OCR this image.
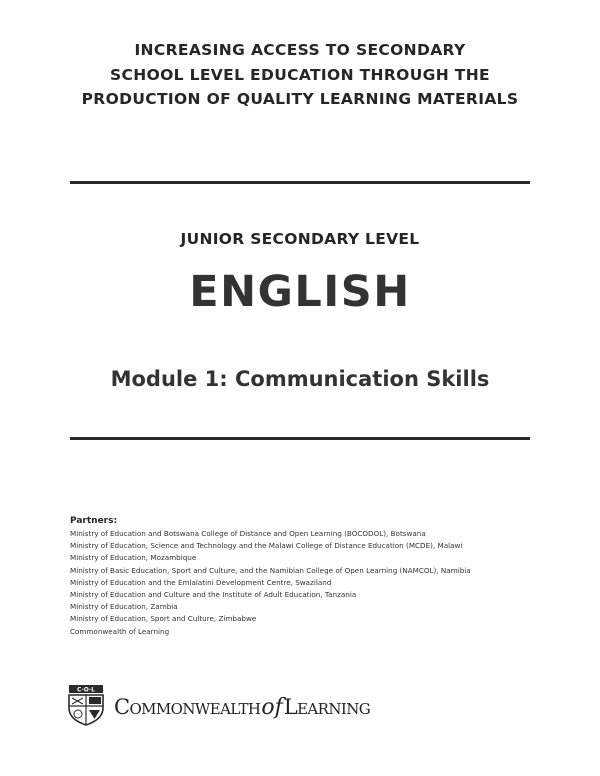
INCREASING ACCESS TO SECONDARY
SCHOOL LEVEL EDUCATION THROUGH THE
PRODUCTION OF QUALITY LEARNING MATERIALS
JUNIOR SECONDARY LEVEL
ENGLISH
Module 1: Communication Skills
Partners:
Ministry of Education and Botswana College of Distance and Open Learning (BOCODOL), Botswana
Ministry of Education, Science and Technology and the Malawi College of Distance Education (MCDE), Malawi
Ministry of Education, Mozambique
Ministry of Basic Education, Sport and Culture, and the Namibian College of Open Learning (NAMCOL), Namibia
Ministry of Education and the Emlalatini Development Centre, Swaziland
Ministry of Education and Culture and the Institute of Adult Education, Tanzania
Ministry of Education, Zambia
Ministry of Education, Sport and Culture, Zimbabwe
Commonwealth of Learning
C·O·L
CommonwealthofLearning
